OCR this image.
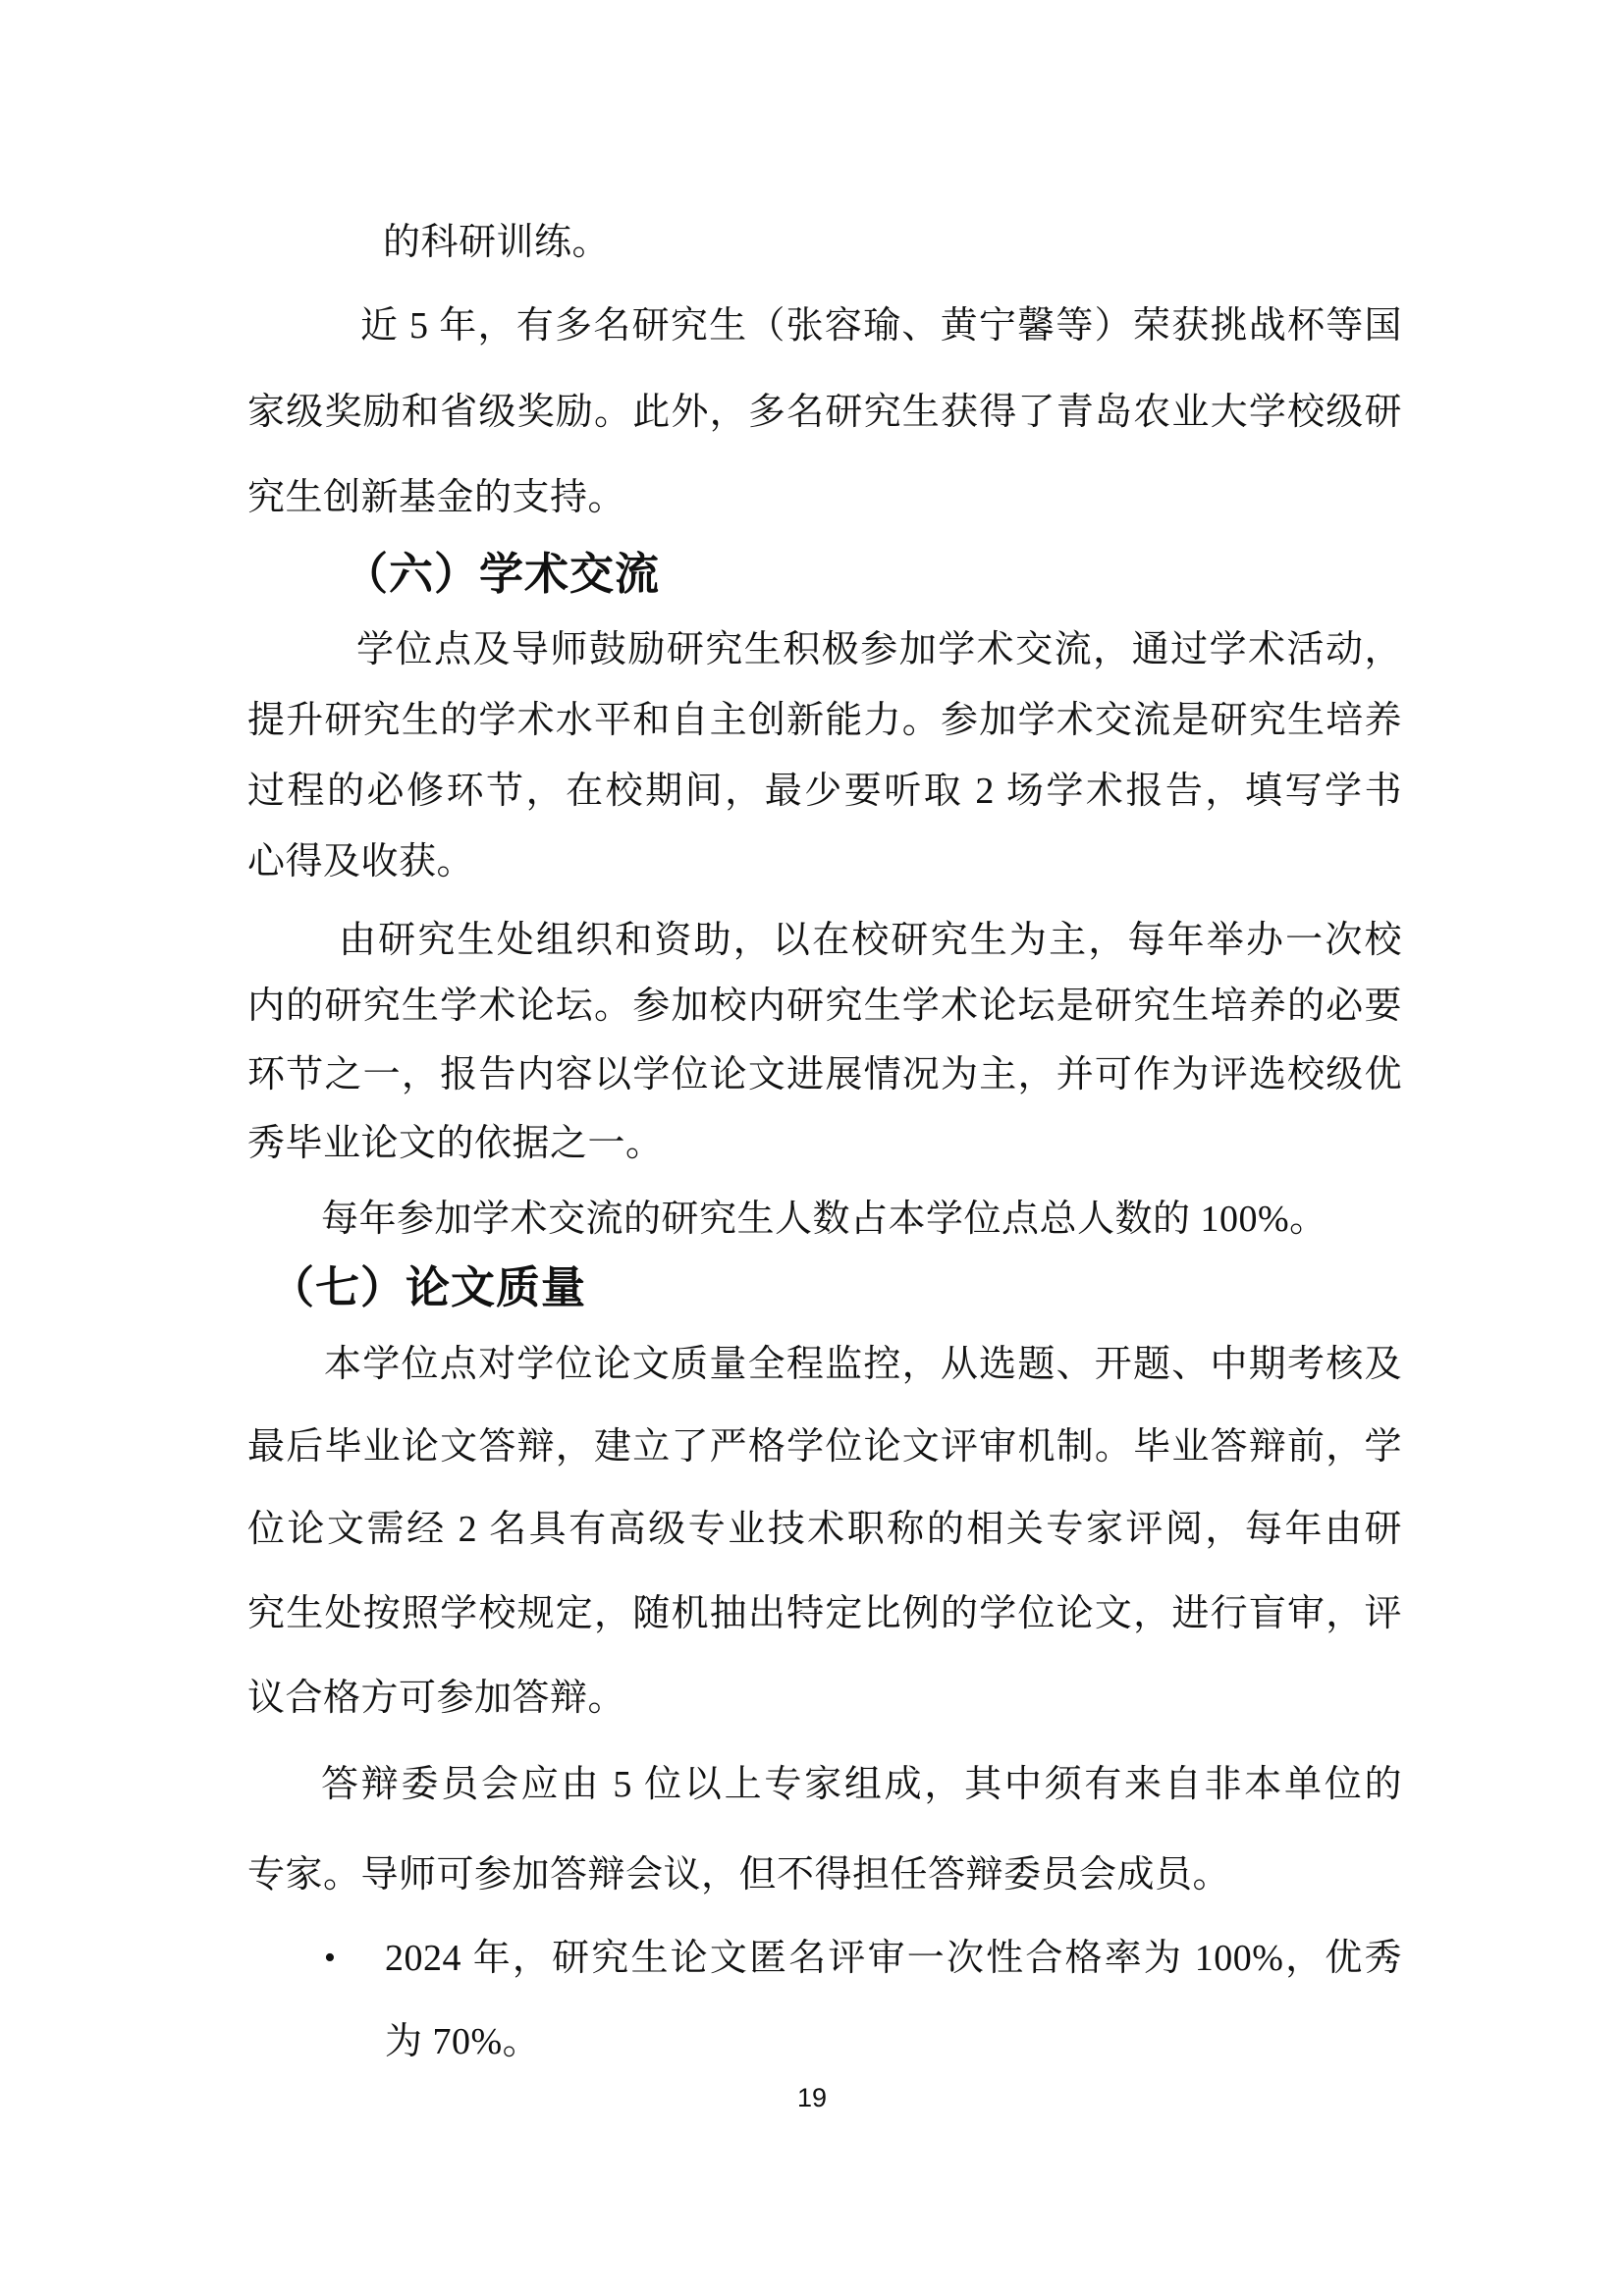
的科研训练。
近 5 年，有多名研究生（张容瑜、黄宁馨等）荣获挑战杯等国
家级奖励和省级奖励。此外，多名研究生获得了青岛农业大学校级研
究生创新基金的支持。
（六）学术交流
学位点及导师鼓励研究生积极参加学术交流，通过学术活动，
提升研究生的学术水平和自主创新能力。参加学术交流是研究生培养
过程的必修环节，在校期间，最少要听取 2 场学术报告，填写学书
心得及收获。
由研究生处组织和资助，以在校研究生为主，每年举办一次校
内的研究生学术论坛。参加校内研究生学术论坛是研究生培养的必要
环节之一，报告内容以学位论文进展情况为主，并可作为评选校级优
秀毕业论文的依据之一。
每年参加学术交流的研究生人数占本学位点总人数的 100%。
（七）论文质量
本学位点对学位论文质量全程监控，从选题、开题、中期考核及
最后毕业论文答辩，建立了严格学位论文评审机制。毕业答辩前，学
位论文需经 2 名具有高级专业技术职称的相关专家评阅，每年由研
究生处按照学校规定，随机抽出特定比例的学位论文，进行盲审，评
议合格方可参加答辩。
答辩委员会应由 5 位以上专家组成，其中须有来自非本单位的
专家。导师可参加答辩会议，但不得担任答辩委员会成员。
• 2024 年，研究生论文匿名评审一次性合格率为 100%，优秀
为 70%。
19
